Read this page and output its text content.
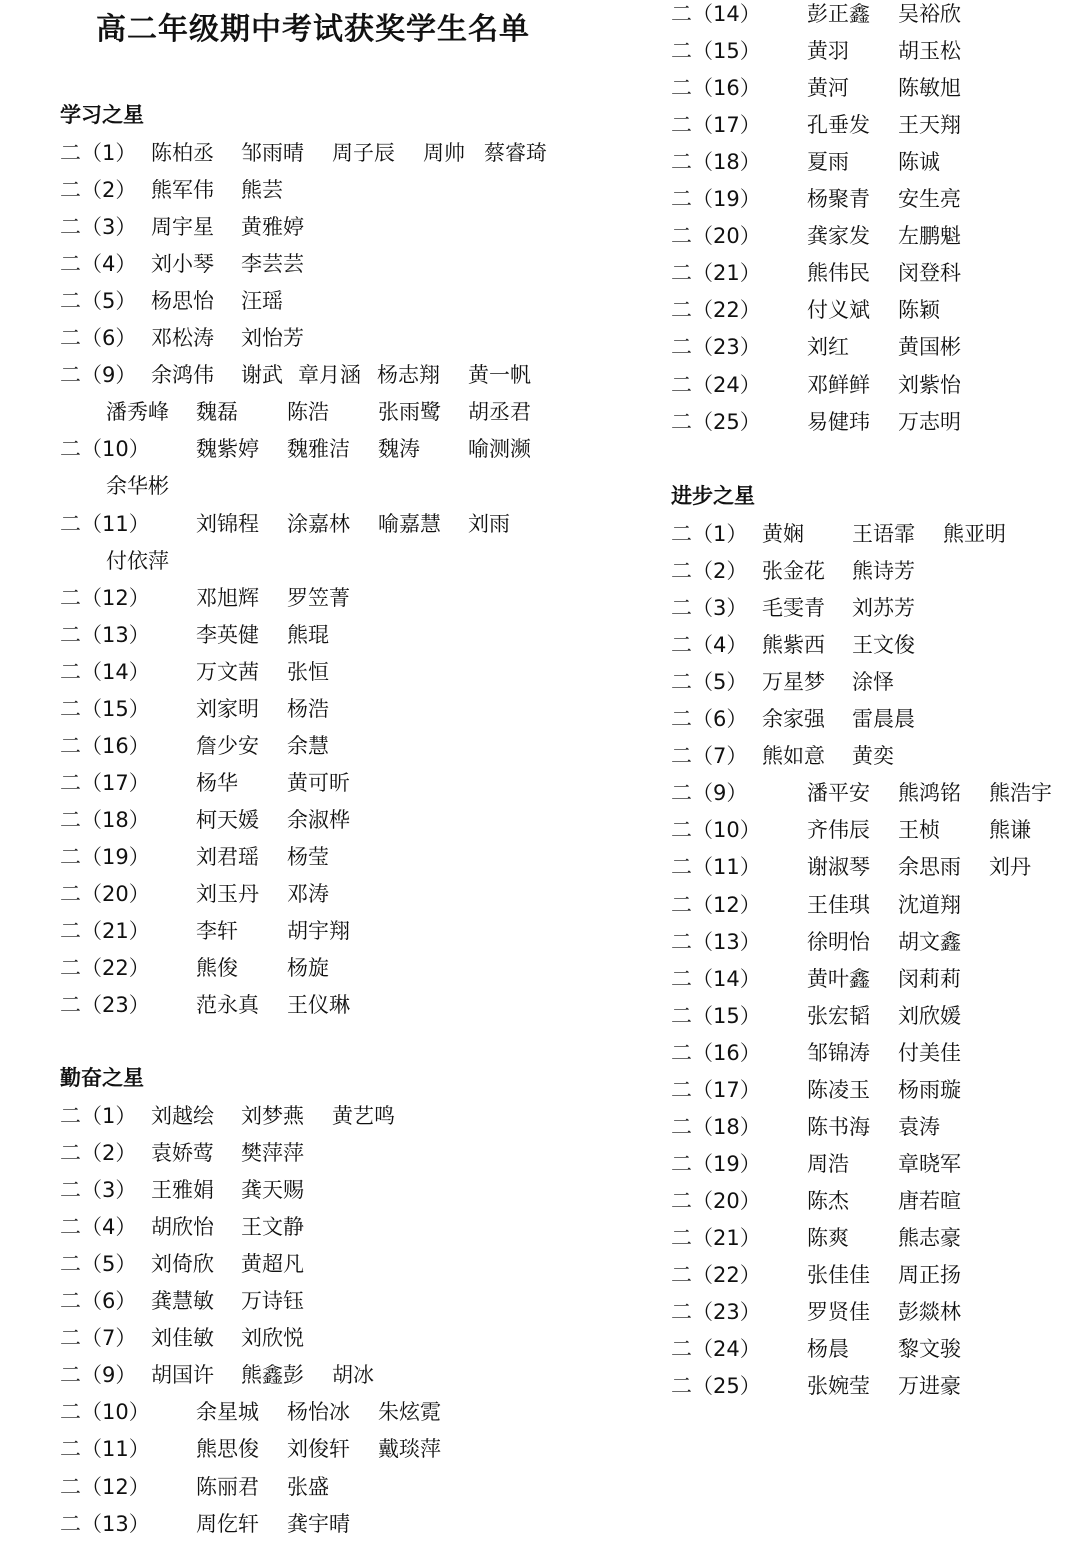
高二年级期中考试获奖学生名单
学习之星
二（1） 陈柏丞 邹雨晴 周子辰 周帅 蔡睿琦
二（2） 熊军伟 熊芸
二（3） 周宇星 黄雅婷
二（4） 刘小琴 李芸芸
二（5） 杨思怡 汪瑶
二（6） 邓松涛 刘怡芳
二（9） 余鸿伟 谢武 章月涵 杨志翔 黄一帆
潘秀峰 魏磊 陈浩 张雨鹭 胡丞君
二（10） 魏紫婷 魏雅洁 魏涛 喻测濒
余华彬
二（11） 刘锦程 涂嘉林 喻嘉慧 刘雨
付依萍
二（12） 邓旭辉 罗笠菁
二（13） 李英健 熊琨
二（14） 万文茜 张恒
二（15） 刘家明 杨浩
二（16） 詹少安 余慧
二（17） 杨华 黄可昕
二（18） 柯天媛 余淑桦
二（19） 刘君瑶 杨莹
二（20） 刘玉丹 邓涛
二（21） 李轩 胡宇翔
二（22） 熊俊 杨旋
二（23） 范永真 王仪琳
勤奋之星
二（1） 刘越绘 刘梦燕 黄艺鸣
二（2） 袁娇莺 樊萍萍
二（3） 王雅娟 龚天赐
二（4） 胡欣怡 王文静
二（5） 刘倚欣 黄超凡
二（6） 龚慧敏 万诗钰
二（7） 刘佳敏 刘欣悦
二（9） 胡国许 熊鑫彭 胡冰
二（10） 余星城 杨怡冰 朱炫霓
二（11） 熊思俊 刘俊轩 戴琰萍
二（12） 陈丽君 张盛
二（13） 周仡轩 龚宇晴
二（14） 彭正鑫 吴裕欣
二（15） 黄羽 胡玉松
二（16） 黄河 陈敏旭
二（17） 孔垂发 王天翔
二（18） 夏雨 陈诚
二（19） 杨聚青 安生亮
二（20） 龚家发 左鹏魁
二（21） 熊伟民 闵登科
二（22） 付义斌 陈颖
二（23） 刘红 黄国彬
二（24） 邓鲜鲜 刘紫怡
二（25） 易健玮 万志明
进步之星
二（1） 黄娴 王语霏 熊亚明
二（2） 张金花 熊诗芳
二（3） 毛雯青 刘苏芳
二（4） 熊紫西 王文俊
二（5） 万星梦 涂怿
二（6） 余家强 雷晨晨
二（7） 熊如意 黄奕
二（9）	潘平安 熊鸿铭 熊浩宇
二（10） 齐伟辰 王桢 熊谦
二（11） 谢淑琴 余思雨 刘丹
二（12） 王佳琪 沈道翔
二（13） 徐明怡 胡文鑫
二（14） 黄叶鑫 闵莉莉
二（15） 张宏韬 刘欣媛
二（16） 邹锦涛 付美佳
二（17） 陈凌玉 杨雨璇
二（18） 陈书海 袁涛
二（19） 周浩 章晓军
二（20） 陈杰 唐若暄
二（21） 陈爽 熊志豪
二（22） 张佳佳 周正扬
二（23） 罗贤佳 彭燚林
二（24） 杨晨 黎文骏
二（25） 张婉莹 万进豪
